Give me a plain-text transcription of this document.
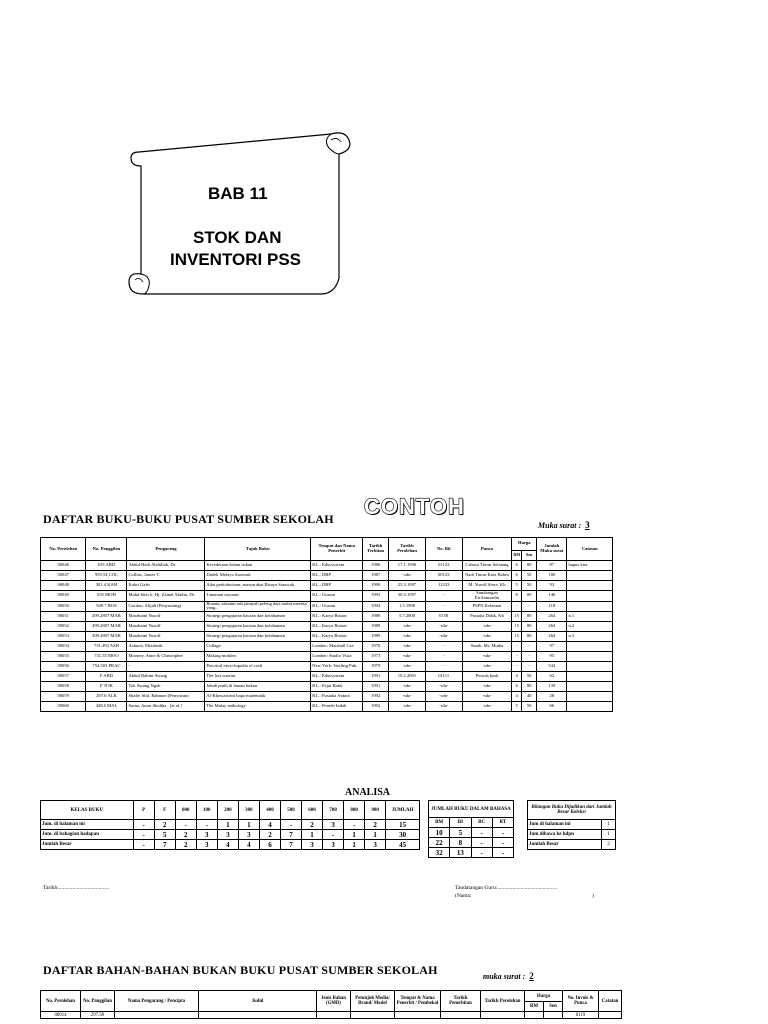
BAB 11
STOK DAN
INVENTORI PSS
DAFTAR BUKU-BUKU PUSAT SUMBER SEKOLAH CONTOH
Muka surat : 3
No. Perolehan	No. Panggilan	Pengarang	Tajuk Buku	Tempat dan Nama Penerbit	Tarikh Terbitan	Tarikh Perolehan	No. Bil	Punca	Harga		Jumlah Muka surat	Catatan
									RM	Sen		
00046	635 ABD	Abdul Hadi Abdullah, Dr.	Kecederaan dalam sukan	KL.: Educsystem	1986	17.1.1996	01123	Cahaya Timur Selatang	6	80	87	hapus kira
00047	959.54 COL	Collins, James T.	Dialek Melayu Sarawak	KL.: DBP	1987	-sda-	00123	Nadi Timur Kota Bahru	6	50	100	
00048	301.4 KAH	Kahri Gafis	Adat perkahwinan: masyarakat Bisaya Sarawak	KL.: DBP	1990	25.3.1997	11233	M. Yusoff Store, Kb	5	50	93	
00049	635 MOH	Mohd Idris b. Hj. Zainal Abidin, Dr.	Tanaman sayuran	KL.: Utusan	1993	30.3.1997	-	Sumbangan En.Samsudin	8	00	146	
00050	949.7 BOS	Gordon, Alijah (Penyunting)	Bosnia: sakainn sah jannyah peleng dari mulut mereka yang...	KL.: Utusan	1994	1.5.1998	-	PSPN Kelantan	-	-	118	
00051	499.2807 MAR	Marzbaini Yusoff	Strategi pengajaran bacaan dan kefahaman	KL.: Karya Bistari	1989	5.7.2000	0158	Pustaka Didik, Kb	15	80	264	n.1
00052	499.2807 MAR	Marzbaini Yusoff	Strategi pengajaran bacaan dan kefahaman	KL.: Karya Bistari	1989	-sda-	-sda-	-sda-	15	80	264	n.2
00053	499.2807 MAR	Marzbaini Yusoff	Strategi pengajaran bacaan dan kefahaman	KL.: Karya Bistari	1989	-sda-	-sda-	-sda-	15	80	264	n.3
00054	731.493 ASH	Ashurst, Elizabeth.	Collage	London: Marshall Cav	1976	-sda-	-	Sumb. Mr. Mutha	-	-	97	
00055	731.55 MOO	Mooney, Anne & Christopher	Making mobiles	London: Studio Vista	1973	-sda-	-	-sda-	-	-	95	
00056	754.503 PRAC	-	Practical encyclopedia of craft	New York: Sterling Pub.	1979	-sda-	-	-sda-	-	-	544	
00057	F ABD	Abdul Rahim Awang	The last warrior	KL.: Educsystem	1991	10.2.2001	01111	Pesoda Ipoh	4	50	62	
00058	F TOK	Tok Awang Ngah	Jubah putih di laman bukau	KL.: Fajar Bakti	1991	-sda-	-sda-	-sda-	6	80	139	
00059	297.6 ALK	Shafie Abd. Rahman (Penyusun)	Al-Khawarizmi bapa matematik	KL.: Pustaka Antara	1992	-sda-	-sda-	-sda-	4	40	28	
00060	428.6 MAL	Sarna, Amar Shobha . [et al.]	The Malay anthology	KL.: Penerb Indah	1992	-sda-	-sda-	-sda-	5	50	66	
ANALISA
KELAS BUKU	P	F	000	100	200	300	400	500	600	700	800	900	JUMLAH
Jum. di halaman ini	-	2	-	-	1	1	4	-	2	3	-	2	15
Jum. di bahagian hadapan	-	5	2	3	3	3	2	7	1	-	1	1	30
Jumlah Besar	-	7	2	3	4	4	6	7	3	3	1	3	45
JUMLAH BUKU DALAM BAHASA			
BM	BI	BC	BT
10	5	-	-
22	8	-	-
32	13	-	-
Bilangan Buku Dijadikan dari Jumlah Besar Koleksi	
Jum di halaman ini	1
Jum dibawa ke hdpn	1
Jumlah Besar	2
Tarikh:.....................................	Tandatangan Guru:............................................
(Nama:	)
DAFTAR BAHAN-BAHAN BUKAN BUKU PUSAT SUMBER SEKOLAH	muka surat : 2
No. Perolehan	No. Panggilan	Nama Pengarang / Pencipta	Judul	Jenis Bahan (GMD)	Petunjuk Media/ Brand/ Model	Tempat & Nama Penerbit / Pembekal	Tarikh Penerbitan	Tarikh Perolehan	Harga		No. Invois & Punca	Catatan
									RM	Sen		
00014	297.38										0119	
